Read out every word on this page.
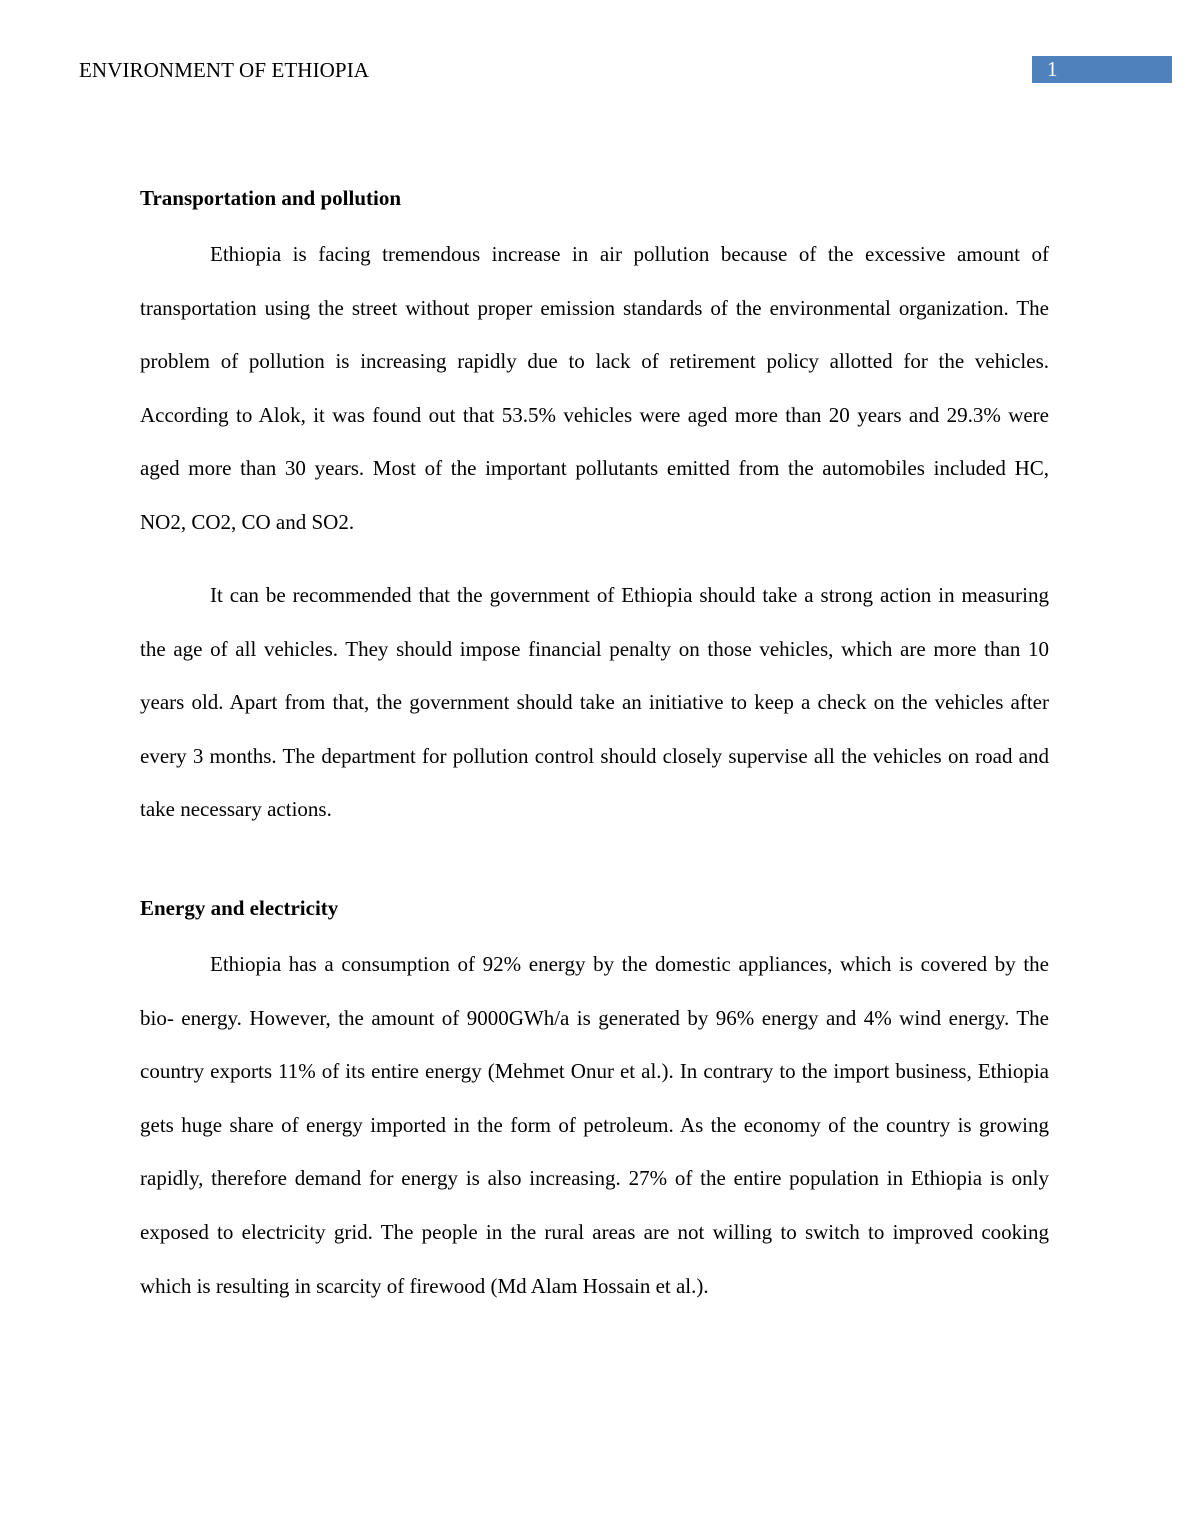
ENVIRONMENT OF ETHIOPIA	1
Transportation and pollution

Ethiopia is facing tremendous increase in air pollution because of the excessive amount of transportation using the street without proper emission standards of the environmental organization. The problem of pollution is increasing rapidly due to lack of retirement policy allotted for the vehicles. According to Alok, it was found out that 53.5% vehicles were aged more than 20 years and 29.3% were aged more than 30 years. Most of the important pollutants emitted from the automobiles included HC, NO2, CO2, CO and SO2.

It can be recommended that the government of Ethiopia should take a strong action in measuring the age of all vehicles. They should impose financial penalty on those vehicles, which are more than 10 years old. Apart from that, the government should take an initiative to keep a check on the vehicles after every 3 months. The department for pollution control should closely supervise all the vehicles on road and take necessary actions.

Energy and electricity

Ethiopia has a consumption of 92% energy by the domestic appliances, which is covered by the bio- energy. However, the amount of 9000GWh/a is generated by 96% energy and 4% wind energy. The country exports 11% of its entire energy (Mehmet Onur et al.). In contrary to the import business, Ethiopia gets huge share of energy imported in the form of petroleum. As the economy of the country is growing rapidly, therefore demand for energy is also increasing. 27% of the entire population in Ethiopia is only exposed to electricity grid. The people in the rural areas are not willing to switch to improved cooking which is resulting in scarcity of firewood (Md Alam Hossain et al.).
